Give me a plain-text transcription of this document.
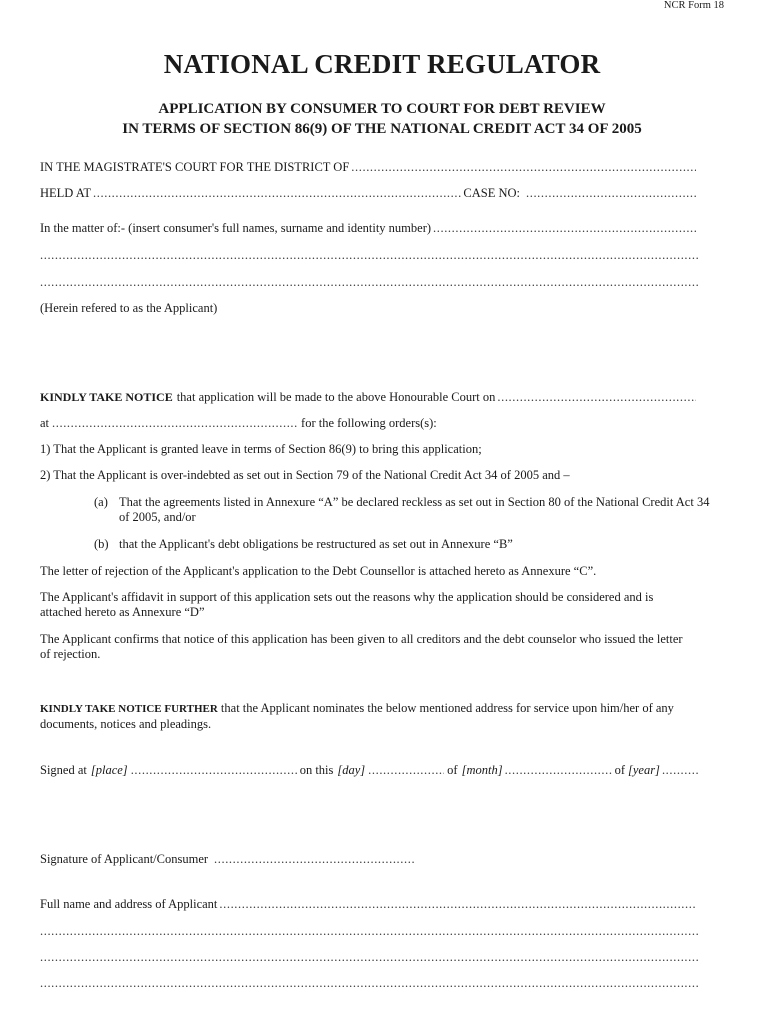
NCR Form 18
NATIONAL CREDIT REGULATOR
APPLICATION BY CONSUMER TO COURT FOR DEBT REVIEW
IN TERMS OF SECTION 86(9) OF THE NATIONAL CREDIT ACT 34 OF 2005
IN THE MAGISTRATE'S COURT FOR THE DISTRICT OF
.....
HELD AT .....	CASE NO:
.....
In the matter of:- (insert consumer's full names, surname and identity number)
.....
.....
.....
(Herein refered to as the Applicant)
KINDLY TAKE NOTICE that application will be made to the above Honourable Court on
.....
at .....	for the following orders(s):
1) That the Applicant is granted leave in terms of Section 86(9) to bring this application;
2) That the Applicant is over-indebted as set out in Section 79 of the National Credit Act 34 of 2005 and –
(a) That the agreements listed in Annexure “A” be declared reckless as set out in Section 80 of the National Credit Act 34 of 2005, and/or
(b) that the Applicant's debt obligations be restructured as set out in Annexure “B”
The letter of rejection of the Applicant's application to the Debt Counsellor is attached hereto as Annexure “C”.
The Applicant's affidavit in support of this application sets out the reasons why the application should be considered and is attached hereto as Annexure “D”
The Applicant confirms that notice of this application has been given to all creditors and the debt counselor who issued the letter of rejection.
KINDLY TAKE NOTICE FURTHER that the Applicant nominates the below mentioned address for service upon him/her of any documents, notices and pleadings.
Signed at [place] .....	on this [day] .....	of [month] .....	of [year]
.....
Signature of Applicant/Consumer
.....
Full name and address of Applicant
.....
.....
.....
.....
